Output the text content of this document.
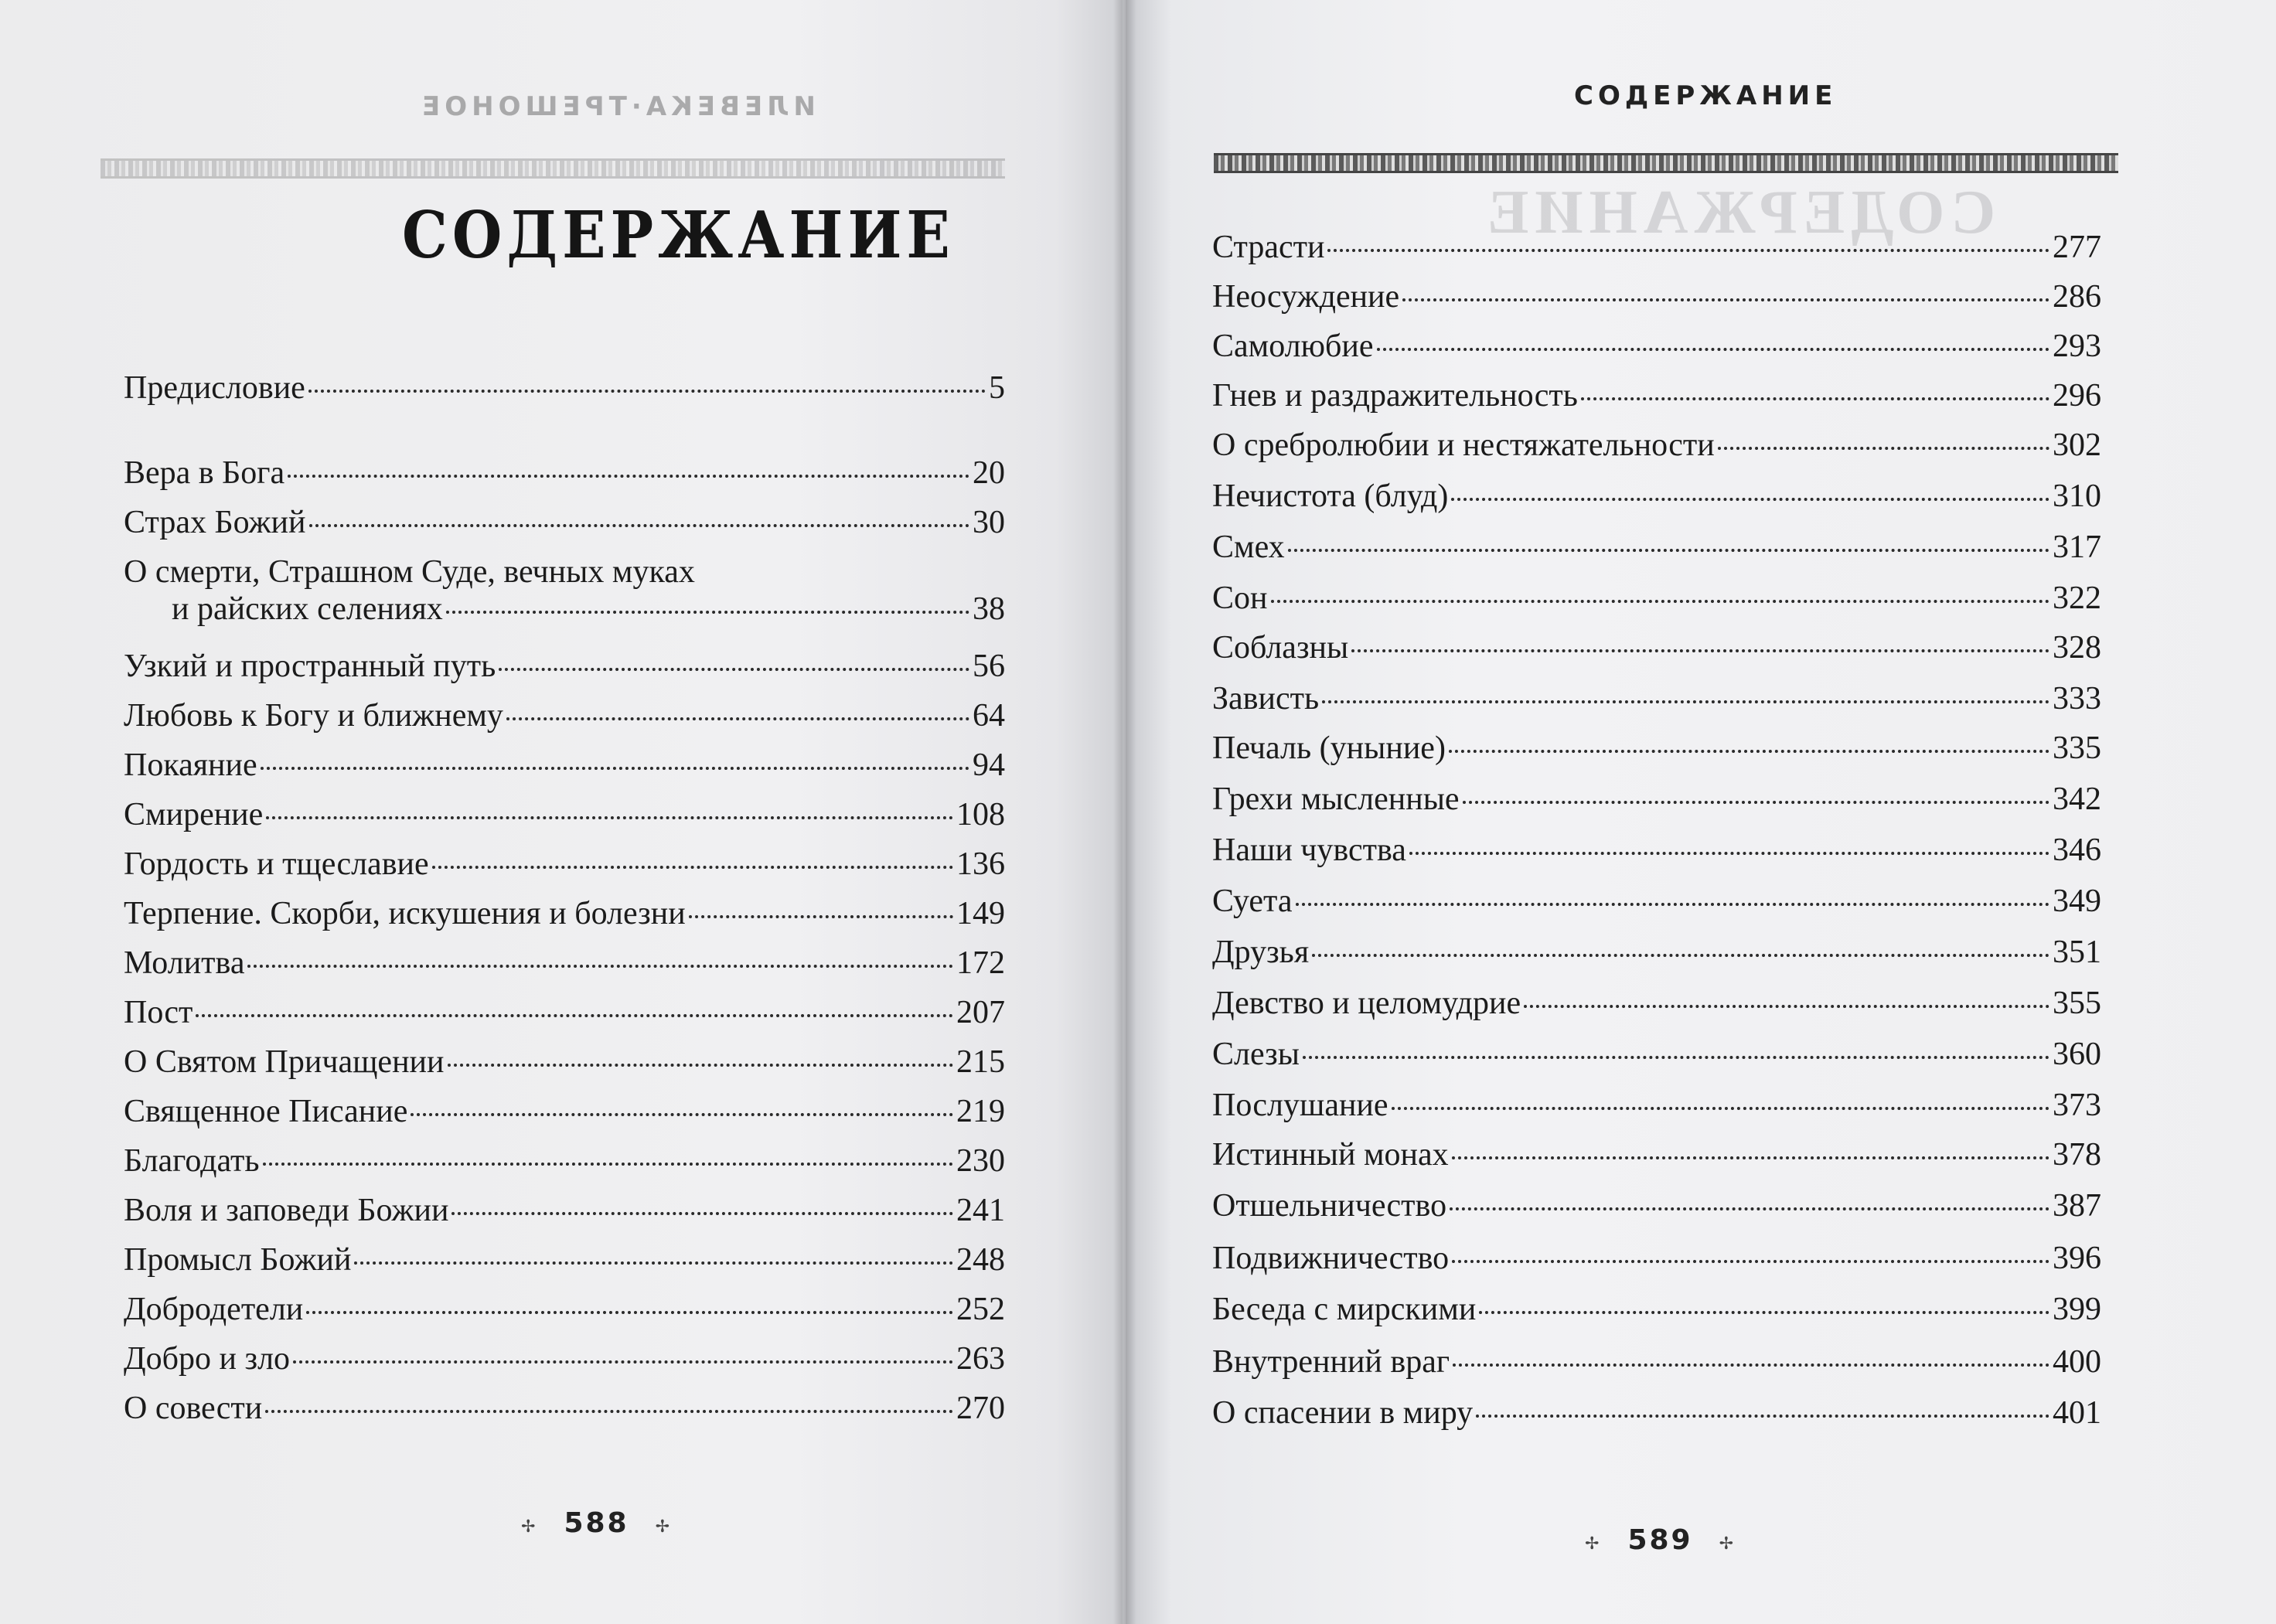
ИЛЕВЕКА·ТРЕШОНОЕ
СОДЕРЖАНИЕ
Предисловие	5
Вера в Бога	20
Страх Божий	30
О смерти, Страшном Суде, вечных муках
и райских селениях	38
Узкий и пространный путь	56
Любовь к Богу и ближнему	64
Покаяние	94
Смирение	108
Гордость и тщеславие	136
Терпение. Скорби, искушения и болезни	149
Молитва	172
Пост	207
О Святом Причащении	215
Священное Писание	219
Благодать	230
Воля и заповеди Божии	241
Промысл Божий	248
Добродетели	252
Добро и зло	263
О совести	270
✢ 588 ✢
СОДЕРЖАНИЕ
СОДЕРЖАНИЕ
Страсти	277
Неосуждение	286
Самолюбие	293
Гнев и раздражительность	296
О сребролюбии и нестяжательности	302
Нечистота (блуд)	310
Смех	317
Сон	322
Соблазны	328
Зависть	333
Печаль (уныние)	335
Грехи мысленные	342
Наши чувства	346
Суета	349
Друзья	351
Девство и целомудрие	355
Слезы	360
Послушание	373
Истинный монах	378
Отшельничество	387
Подвижничество	396
Беседа с мирскими	399
Внутренний враг	400
О спасении в миру	401
✢ 589 ✢
